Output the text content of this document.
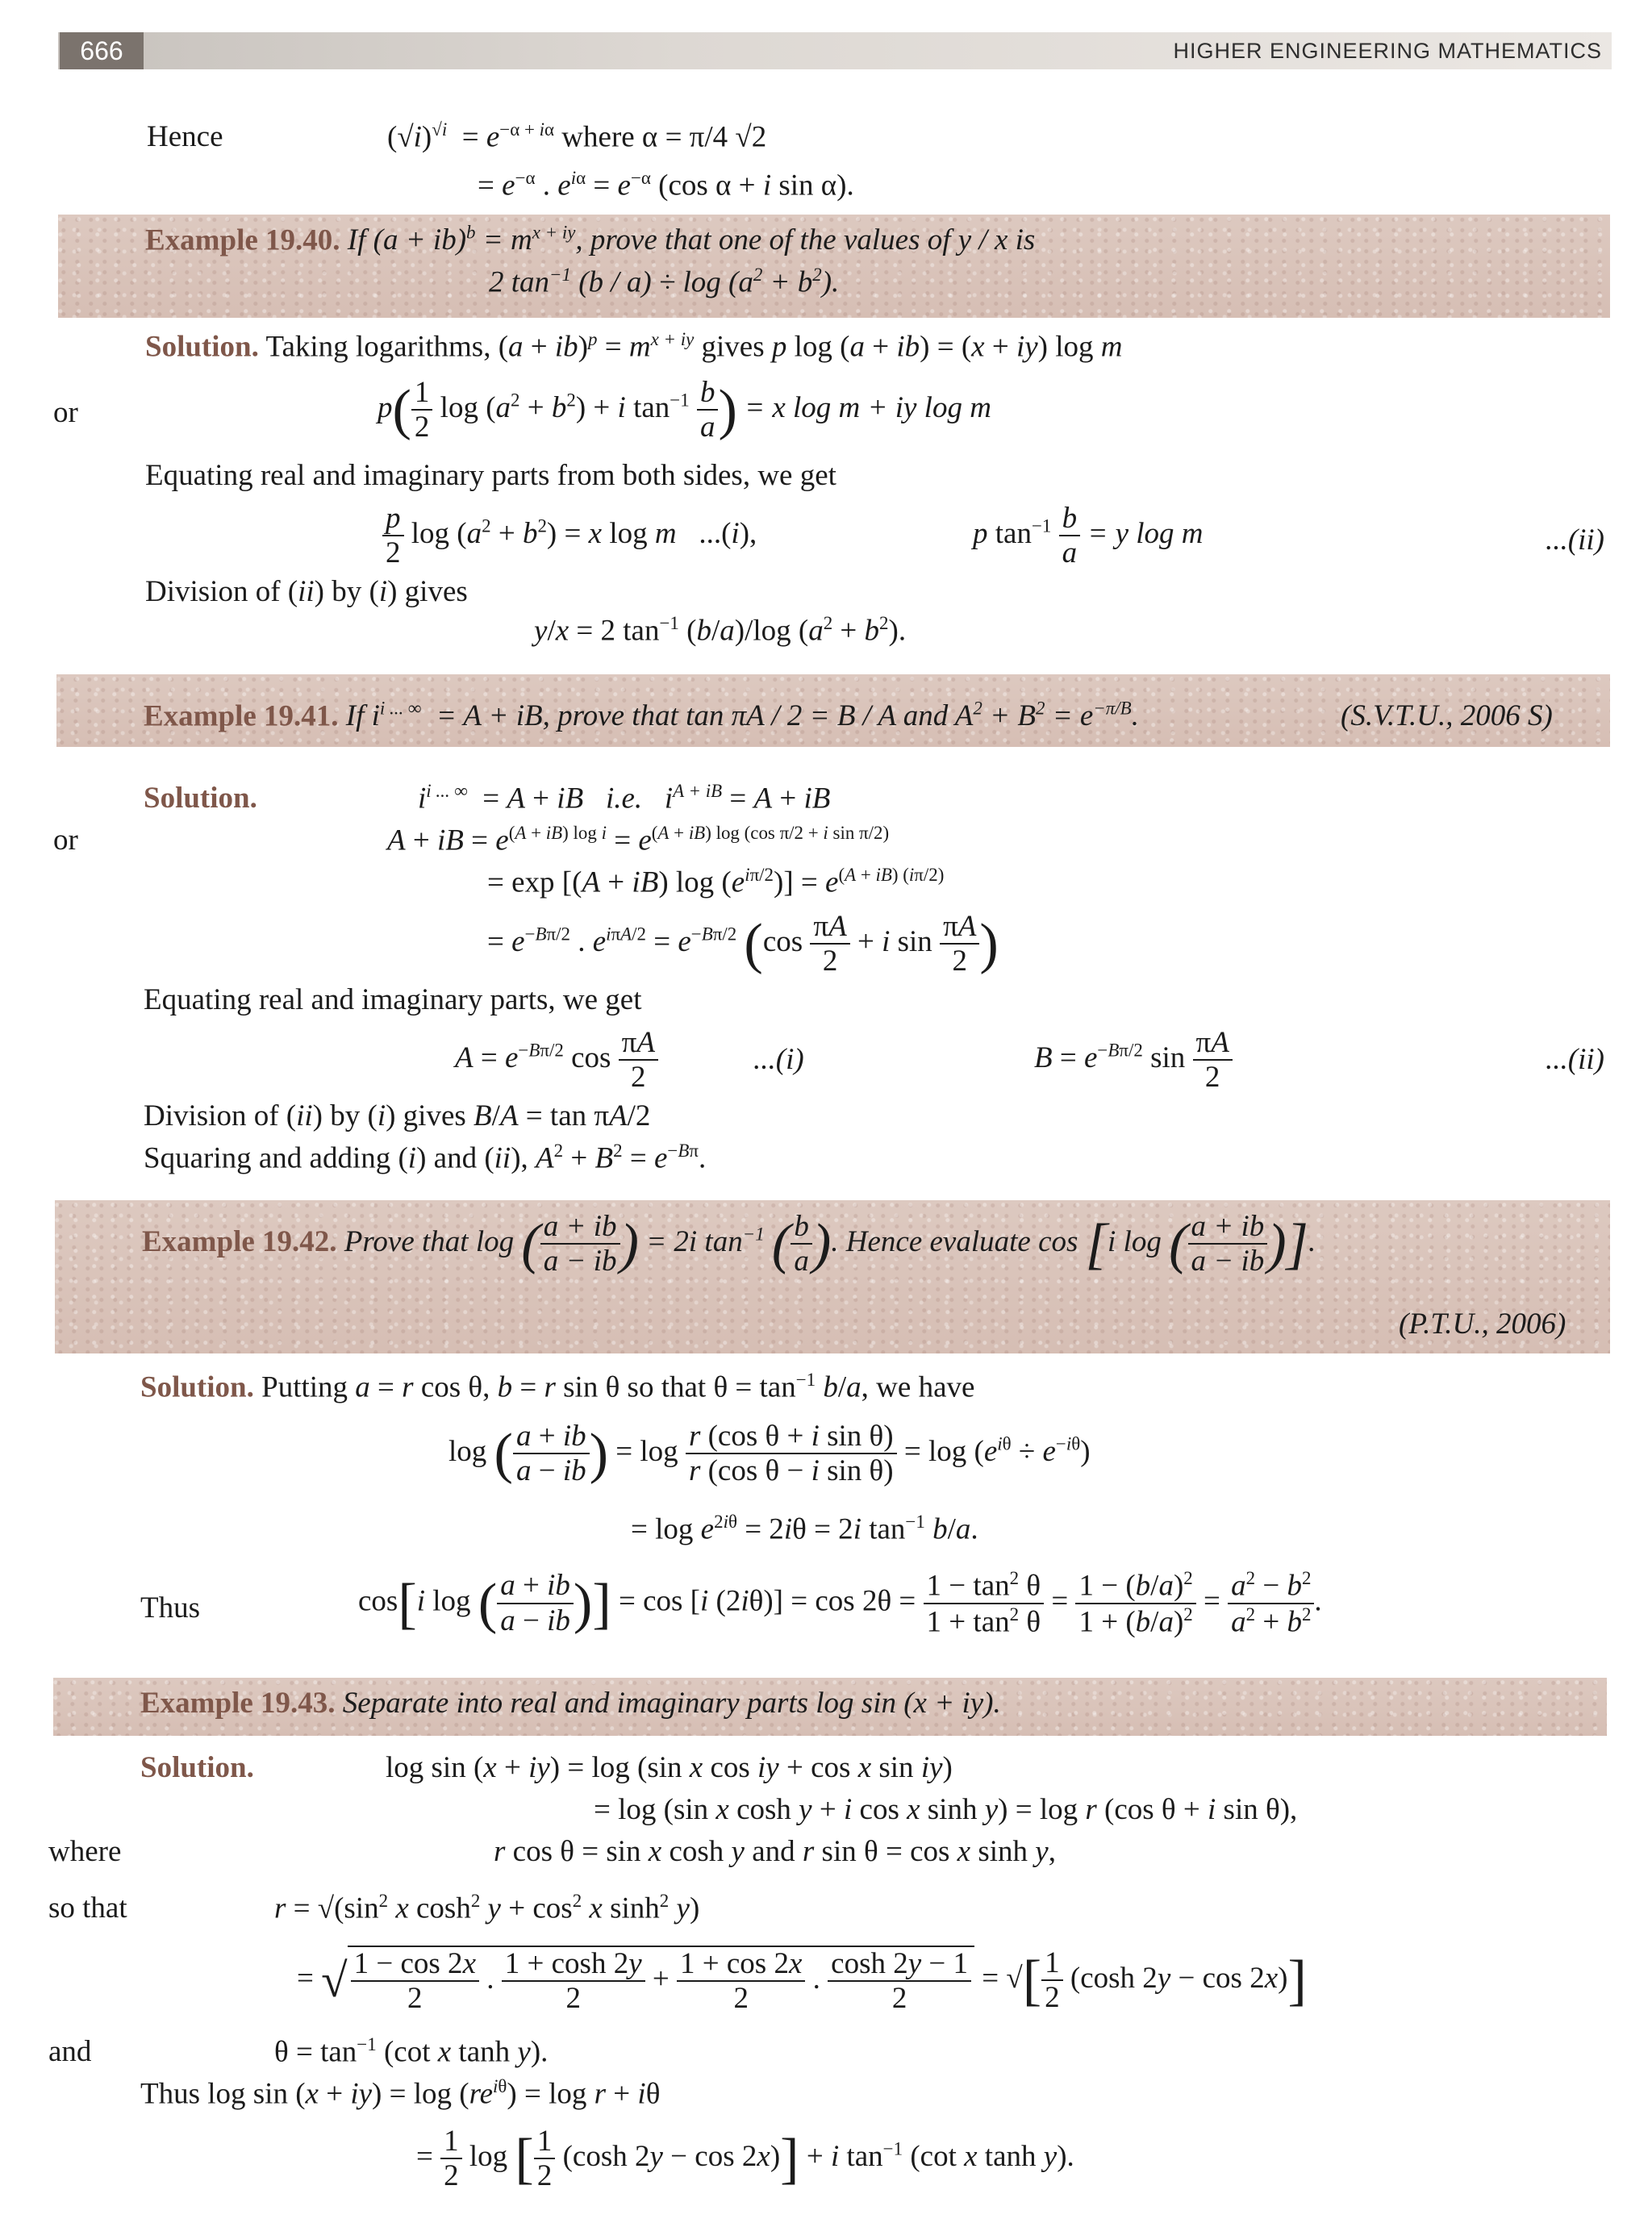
666	HIGHER ENGINEERING MATHEMATICS
Hence	$(√i)^{√i} = e^{-\alpha + i\alpha}$ where α = π/4 √2
= $e^{-\alpha}$ . $e^{i\alpha} = e^{-\alpha}$ (cos α + i sin α).
Example 19.40. If $(a + ib)^b = m^{x + iy}$, prove that one of the values of y / x is
2 $\tan^{-1} (b / a) \div \log (a^2 + b^2)$.
Solution. Taking logarithms, $(a + ib)^p = m^{x + iy}$ gives p log (a + ib) = (x + iy) log m
or	$p( \frac{1}{2}$ $\log (a^2 + b^2) + i$ $\tan^{-1} \frac{b}{a}$ ) = x log m + iy log m
Equating real and imaginary parts from both sides, we get
$\frac{p}{2}$ $\log (a^2 + b^2) = x$ log m   ...(i),	p $\tan^{-1} \frac{b}{a} = y$ log m	...(ii)
Division of (ii) by (i) gives
y/x = 2 $\tan^{-1} (b/a)/\log$ $(a^2 + b^2)$.
Example 19.41. If $i^{i ... \infty} = A$ + iB, prove that tan πA / 2 = B / A and $A^2 + B^2 = e^{-\pi/B}$.	(S.V.T.U., 2006 S)
Solution.	$i^{i ... \infty} = A$ + iB i.e. $i^{A + iB} = A$ + iB
or	A + iB = $e^{(A + iB) log i} = e^{(A + iB) log (cos \pi/2 + i sin \pi/2)}$
= exp [(A + iB) $\log (e^{i\pi/2})] = e^{(A + iB) (i\pi/2)}$
= $e^{-B\pi/2}$ . $e^{i\pi A/2} = e^{-B\pi/2}$ ($\cos \frac{\pi A}{2} + i$ $\sin \frac{\pi A}{2}$ )
Equating real and imaginary parts, we get
$A = e^{-B\pi/2}$ $\cos \frac{\pi A}{2}$	...(i)	$B = e^{-B\pi/2}$ $\sin \frac{\pi A}{2}$	...(ii)
Division of (ii) by (i) gives B/A = tan πA/2
Squaring and adding (i) and (ii), $A^2 + B^2 = e^{-B\pi}$.
Example 19.42. Prove that log ( $\frac{a + ib}{a - ib}$ ) = 2i $\tan^{-1}$ ( $\frac{b}{a}$ ). Hence evaluate cos [i log ( $\frac{a + ib}{a - ib}$ )].
(P.T.U., 2006)
Solution. Putting a = r cos θ, b = r sin θ so that $\theta = \tan^{-1} b/a$, we have
log ( $\frac{a + ib}{a - ib}$ ) = $\log \frac{\text{r (cos θ + i sin θ)}}{\text{r (cos θ − i sin θ)}} = \log (e^{i\theta} \div e^{-i\theta})$
= $\log e^{2i\theta} = 2i\theta = 2i$ $\tan^{-1} b/a$.
Thus	cos[i log ( $\frac{a + ib}{a - ib}$ )] = cos [i $(2i\theta)] = \cos 2\theta = \frac{1 - \tan^2 \theta}{1 + \tan^2 \theta} = \frac{1 - (b/a)^2}{1 + (b/a)^2} = \frac{a^2 - b^2}{a^2 + b^2}$ .
Example 19.43. Separate into real and imaginary parts log sin (x + iy).
Solution.	log sin (x + iy) = log (sin x cos iy + cos x sin iy)
= log (sin x cosh y + i cos x sinh y) = log r (cos θ + i sin θ),
where	r cos θ = sin x cosh y and r sin θ = cos x sinh y,
so that	$r = √(\sin^2$ x $\cosh^2 y + \cos^2 x$ $\sinh^2 y$)
= √ $\frac{1 - \cos 2x}{2}$ . $\frac{1 + \cosh 2y}{2} + \frac{1 + \cos 2x}{2}$ . $\frac{\cosh 2y - 1}{2}$ = √[ $\frac{1}{2} (\cosh$ 2y − cos 2x)]
and	$\theta = \tan^{-1} (\cot$ x tanh y).
Thus $\log \sin (x + iy) = \log (re^{i\theta}) = \log r + i\theta$
= $\frac{1}{2}$ log [ $\frac{1}{2} (\cosh$ 2y − cos 2x)] + i $\tan^{-1} (\cot$ x tanh y).
